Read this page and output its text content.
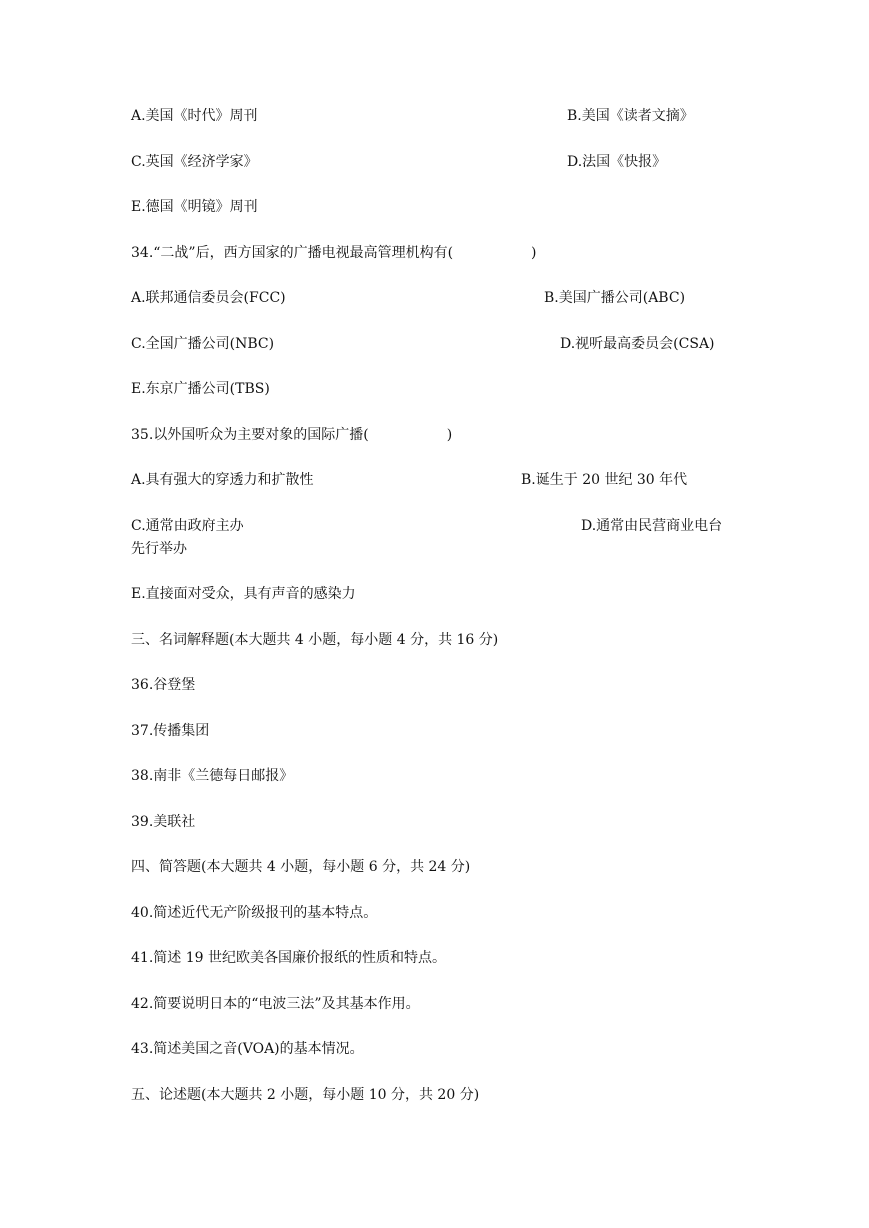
A.美国《时代》周刊	B.美国《读者文摘》
C.英国《经济学家》	D.法国《快报》
E.德国《明镜》周刊
34.“二战”后，西方国家的广播电视最高管理机构有(	)
A.联邦通信委员会(FCC)	B.美国广播公司(ABC)
C.全国广播公司(NBC)	D.视听最高委员会(CSA)
E.东京广播公司(TBS)
35.以外国听众为主要对象的国际广播(	)
A.具有强大的穿透力和扩散性	B.诞生于 20 世纪 30 年代
C.通常由政府主办	D.通常由民营商业电台
先行举办
E.直接面对受众，具有声音的感染力
三、名词解释题(本大题共 4 小题，每小题 4 分，共 16 分)
36.谷登堡
37.传播集团
38.南非《兰德每日邮报》
39.美联社
四、简答题(本大题共 4 小题，每小题 6 分，共 24 分)
40.简述近代无产阶级报刊的基本特点。
41.简述 19 世纪欧美各国廉价报纸的性质和特点。
42.简要说明日本的“电波三法”及其基本作用。
43.简述美国之音(VOA)的基本情况。
五、论述题(本大题共 2 小题，每小题 10 分，共 20 分)
